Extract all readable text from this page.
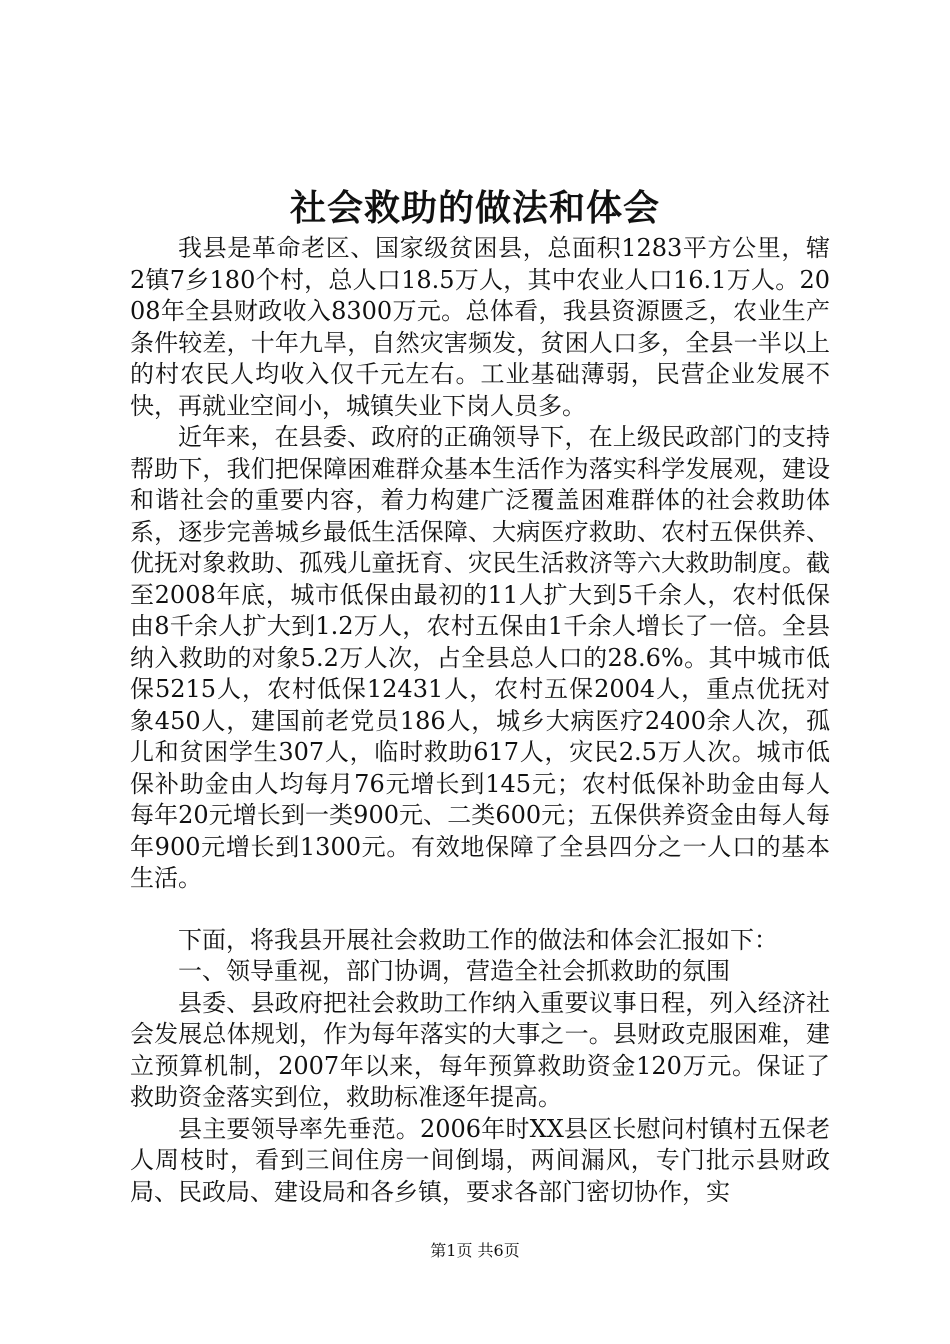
社会救助的做法和体会

我县是革命老区、国家级贫困县，总面积1283平方公里，辖2镇7乡180个村，总人口18.5万人，其中农业人口16.1万人。2008年全县财政收入8300万元。总体看，我县资源匮乏，农业生产条件较差，十年九旱，自然灾害频发，贫困人口多，全县一半以上的村农民人均收入仅千元左右。工业基础薄弱，民营企业发展不快，再就业空间小，城镇失业下岗人员多。

近年来，在县委、政府的正确领导下，在上级民政部门的支持帮助下，我们把保障困难群众基本生活作为落实科学发展观，建设和谐社会的重要内容，着力构建广泛覆盖困难群体的社会救助体系，逐步完善城乡最低生活保障、大病医疗救助、农村五保供养、优抚对象救助、孤残儿童抚育、灾民生活救济等六大救助制度。截至2008年底，城市低保由最初的11人扩大到5千余人，农村低保由8千余人扩大到1.2万人，农村五保由1千余人增长了一倍。全县纳入救助的对象5.2万人次，占全县总人口的28.6%。其中城市低保5215人，农村低保12431人，农村五保2004人，重点优抚对象450人，建国前老党员186人，城乡大病医疗2400余人次，孤儿和贫困学生307人，临时救助617人，灾民2.5万人次。城市低保补助金由人均每月76元增长到145元；农村低保补助金由每人每年20元增长到一类900元、二类600元；五保供养资金由每人每年900元增长到1300元。有效地保障了全县四分之一人口的基本生活。

下面，将我县开展社会救助工作的做法和体会汇报如下：

一、领导重视，部门协调，营造全社会抓救助的氛围

县委、县政府把社会救助工作纳入重要议事日程，列入经济社会发展总体规划，作为每年落实的大事之一。县财政克服困难，建立预算机制，2007年以来，每年预算救助资金120万元。保证了救助资金落实到位，救助标准逐年提高。

县主要领导率先垂范。2006年时XX县区长慰问村镇村五保老人周枝时，看到三间住房一间倒塌，两间漏风，专门批示县财政局、民政局、建设局和各乡镇，要求各部门密切协作，实

第1页 共6页
